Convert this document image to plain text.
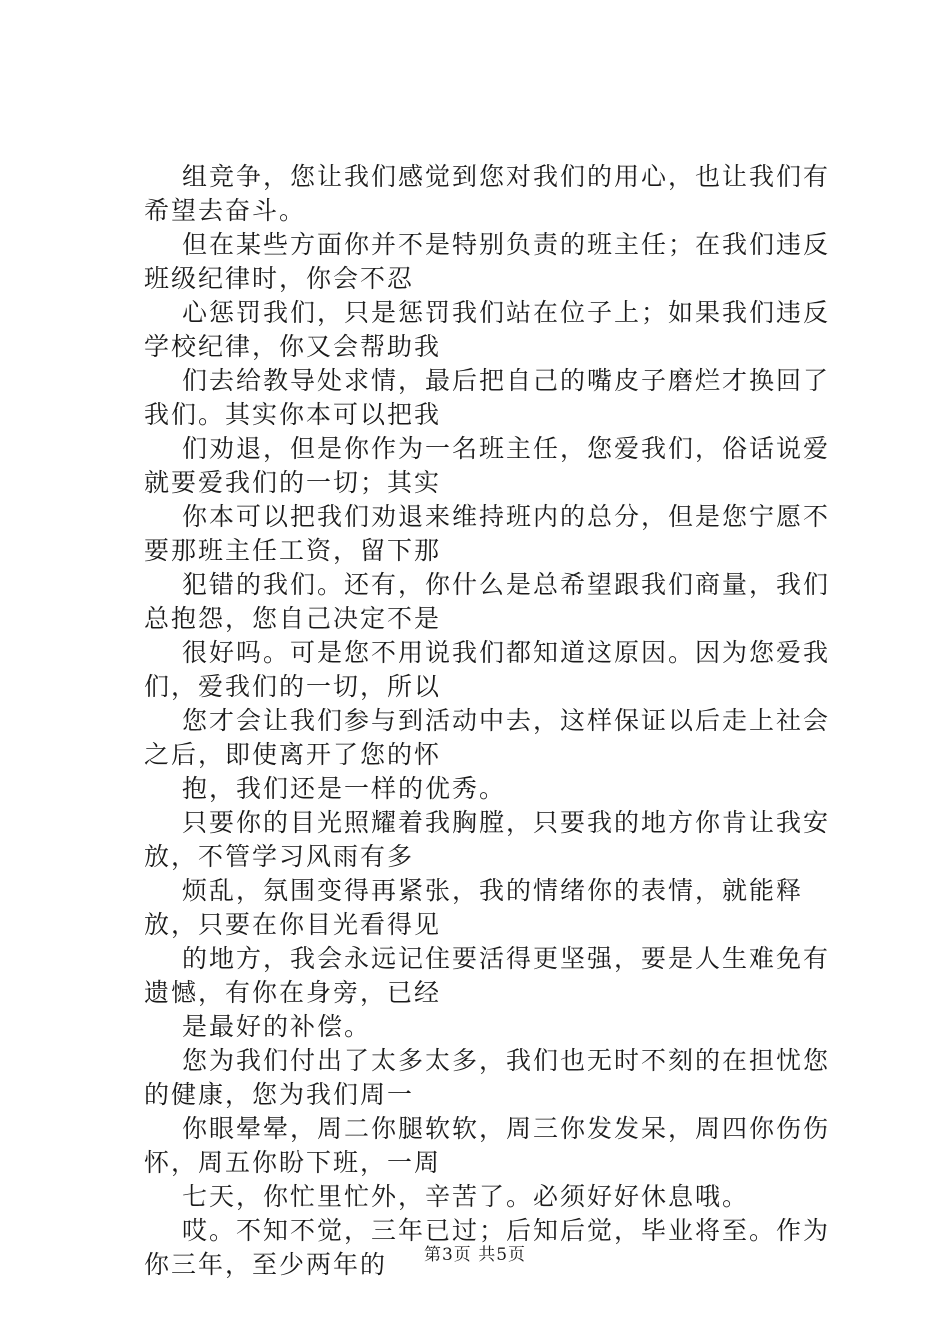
组竞争，您让我们感觉到您对我们的用心，也让我们有希望去奋斗。

但在某些方面你并不是特别负责的班主任；在我们违反班级纪律时，你会不忍

心惩罚我们，只是惩罚我们站在位子上；如果我们违反学校纪律，你又会帮助我

们去给教导处求情，最后把自己的嘴皮子磨烂才换回了我们。其实你本可以把我

们劝退，但是你作为一名班主任，您爱我们，俗话说爱就要爱我们的一切；其实

你本可以把我们劝退来维持班内的总分，但是您宁愿不要那班主任工资，留下那

犯错的我们。还有，你什么是总希望跟我们商量，我们总抱怨，您自己决定不是

很好吗。可是您不用说我们都知道这原因。因为您爱我们，爱我们的一切，所以

您才会让我们参与到活动中去，这样保证以后走上社会之后，即使离开了您的怀

抱，我们还是一样的优秀。

只要你的目光照耀着我胸膛，只要我的地方你肯让我安放，不管学习风雨有多

烦乱，氛围变得再紧张，我的情绪你的表情，就能释放，只要在你目光看得见

的地方，我会永远记住要活得更坚强，要是人生难免有遗憾，有你在身旁，已经

是最好的补偿。

您为我们付出了太多太多，我们也无时不刻的在担忧您的健康，您为我们周一

你眼晕晕，周二你腿软软，周三你发发呆，周四你伤伤怀，周五你盼下班，一周

七天，你忙里忙外，辛苦了。必须好好休息哦。

哎。不知不觉，三年已过；后知后觉，毕业将至。作为你三年，至少两年的	第3页 共5页
